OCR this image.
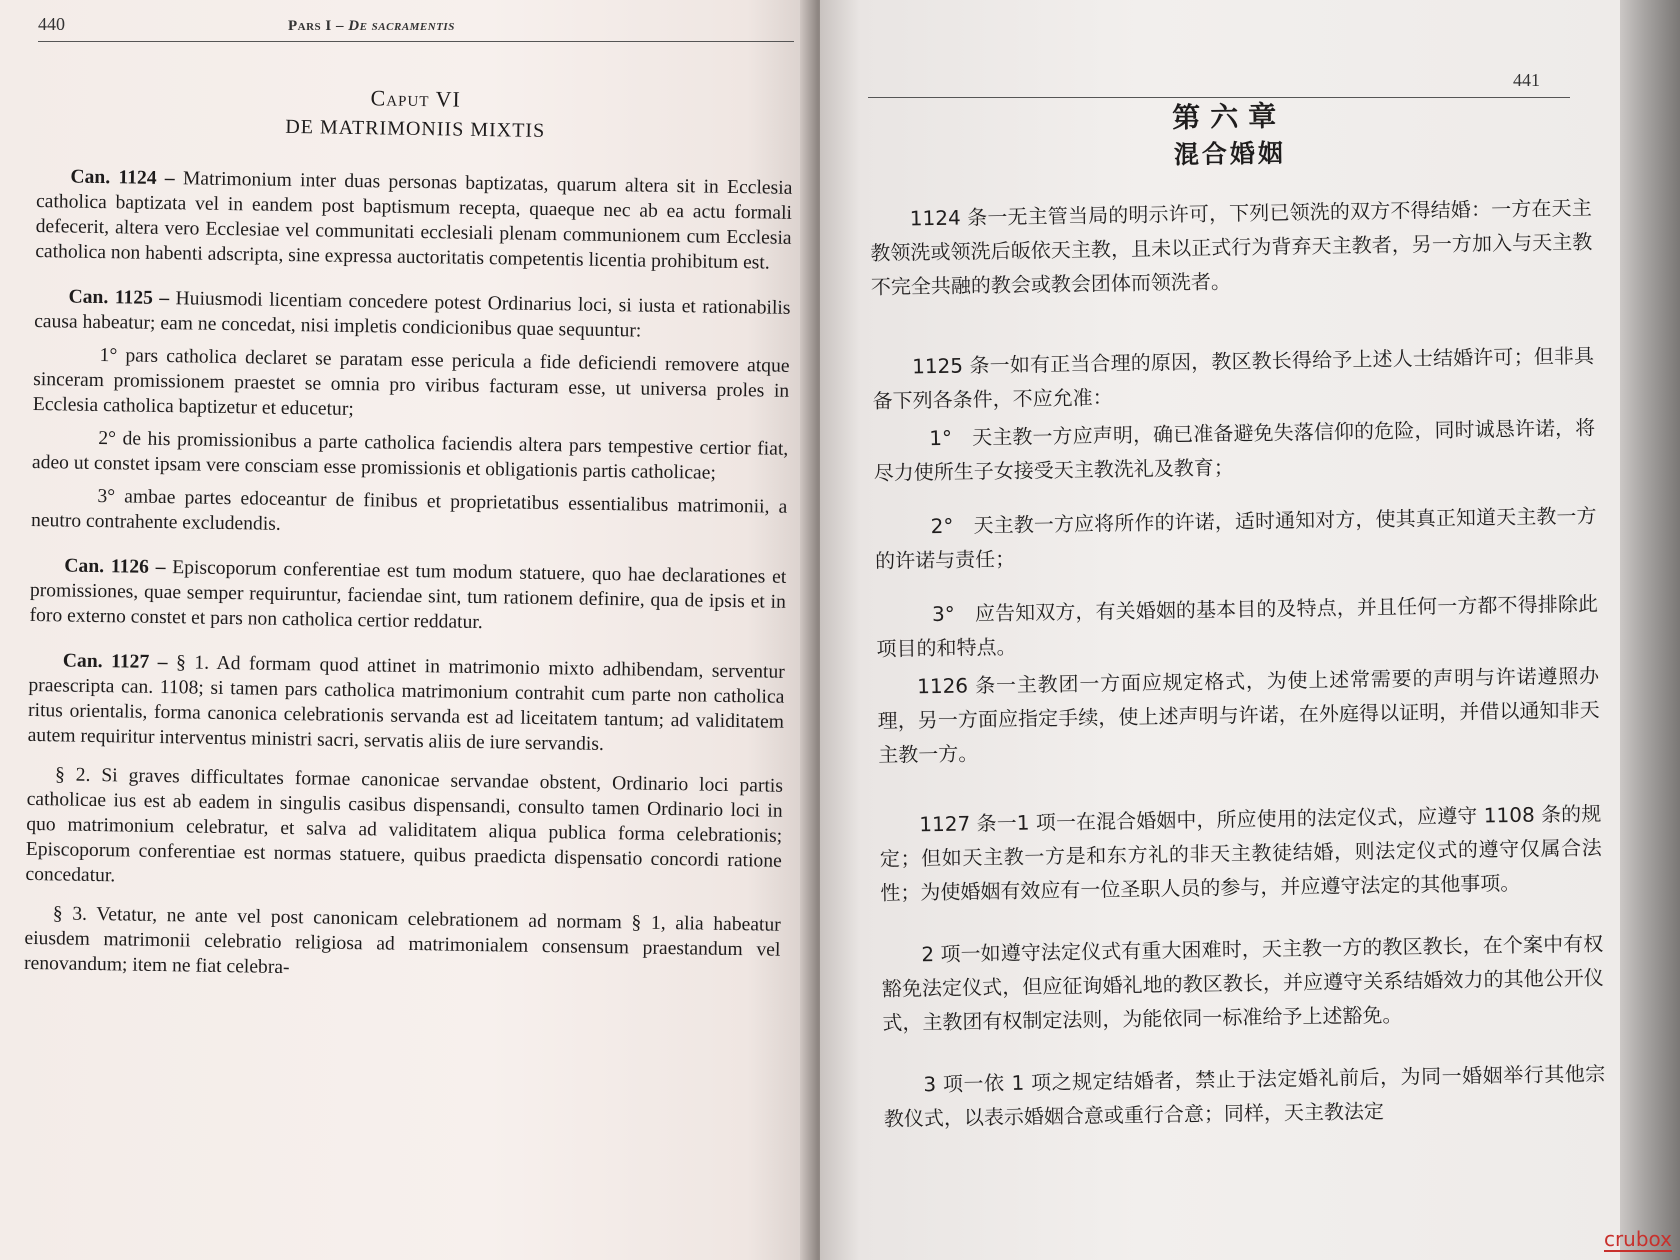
440	Pars I – De sacramentis
Caput VI
DE MATRIMONIIS MIXTIS

Can. 1124 – Matrimonium inter duas personas baptizatas, quarum altera sit in Ecclesia catholica baptizata vel in eandem post baptismum recepta, quaeque nec ab ea actu formali defecerit, altera vero Ecclesiae vel communitati ecclesiali plenam communionem cum Ecclesia catholica non habenti adscripta, sine expressa auctoritatis competentis licentia prohibitum est.

Can. 1125 – Huiusmodi licentiam concedere potest Ordinarius loci, si iusta et rationabilis causa habeatur; eam ne concedat, nisi impletis condicionibus quae sequuntur:

1° pars catholica declaret se paratam esse pericula a fide deficiendi removere atque sinceram promissionem praestet se omnia pro viribus facturam esse, ut universa proles in Ecclesia catholica baptizetur et educetur;

2° de his promissionibus a parte catholica faciendis altera pars tempestive certior fiat, adeo ut constet ipsam vere consciam esse promissionis et obligationis partis catholicae;

3° ambae partes edoceantur de finibus et proprietatibus essentialibus matrimonii, a neutro contrahente excludendis.

Can. 1126 – Episcoporum conferentiae est tum modum statuere, quo hae declarationes et promissiones, quae semper requiruntur, faciendae sint, tum rationem definire, qua de ipsis et in foro externo constet et pars non catholica certior reddatur.

Can. 1127 – § 1. Ad formam quod attinet in matrimonio mixto adhibendam, serventur praescripta can. 1108; si tamen pars catholica matrimonium contrahit cum parte non catholica ritus orientalis, forma canonica celebrationis servanda est ad liceitatem tantum; ad validitatem autem requiritur interventus ministri sacri, servatis aliis de iure servandis.

§ 2. Si graves difficultates formae canonicae servandae obstent, Ordinario loci partis catholicae ius est ab eadem in singulis casibus dispensandi, consulto tamen Ordinario loci in quo matrimonium celebratur, et salva ad validitatem aliqua publica forma celebrationis; Episcoporum conferentiae est normas statuere, quibus praedicta dispensatio concordi ratione concedatur.

§ 3. Vetatur, ne ante vel post canonicam celebrationem ad normam § 1, alia habeatur eiusdem matrimonii celebratio religiosa ad matrimonialem consensum praestandum vel renovandum; item ne fiat celebra-

441
第六章
混合婚姻

1124 条一无主管当局的明示许可，下列已领洗的双方不得结婚：一方在天主教领洗或领洗后皈依天主教，且未以正式行为背弃天主教者，另一方加入与天主教不完全共融的教会或教会团体而领洗者。

1125 条一如有正当合理的原因，教区教长得给予上述人士结婚许可；但非具备下列各条件，不应允准：

1°　天主教一方应声明，确已准备避免失落信仰的危险，同时诚恳许诺，将尽力使所生子女接受天主教洗礼及教育；

2°　天主教一方应将所作的许诺，适时通知对方，使其真正知道天主教一方的许诺与责任；

3°　应告知双方，有关婚姻的基本目的及特点，并且任何一方都不得排除此项目的和特点。

1126 条一主教团一方面应规定格式，为使上述常需要的声明与许诺遵照办理，另一方面应指定手续，使上述声明与许诺，在外庭得以证明，并借以通知非天主教一方。

1127 条一1 项一在混合婚姻中，所应使用的法定仪式，应遵守 1108 条的规定；但如天主教一方是和东方礼的非天主教徒结婚，则法定仪式的遵守仅属合法性；为使婚姻有效应有一位圣职人员的参与，并应遵守法定的其他事项。

2 项一如遵守法定仪式有重大困难时，天主教一方的教区教长，在个案中有权豁免法定仪式，但应征询婚礼地的教区教长，并应遵守关系结婚效力的其他公开仪式，主教团有权制定法则，为能依同一标准给予上述豁免。

3 项一依 1 项之规定结婚者，禁止于法定婚礼前后，为同一婚姻举行其他宗教仪式，以表示婚姻合意或重行合意；同样，天主教法定

crubox
